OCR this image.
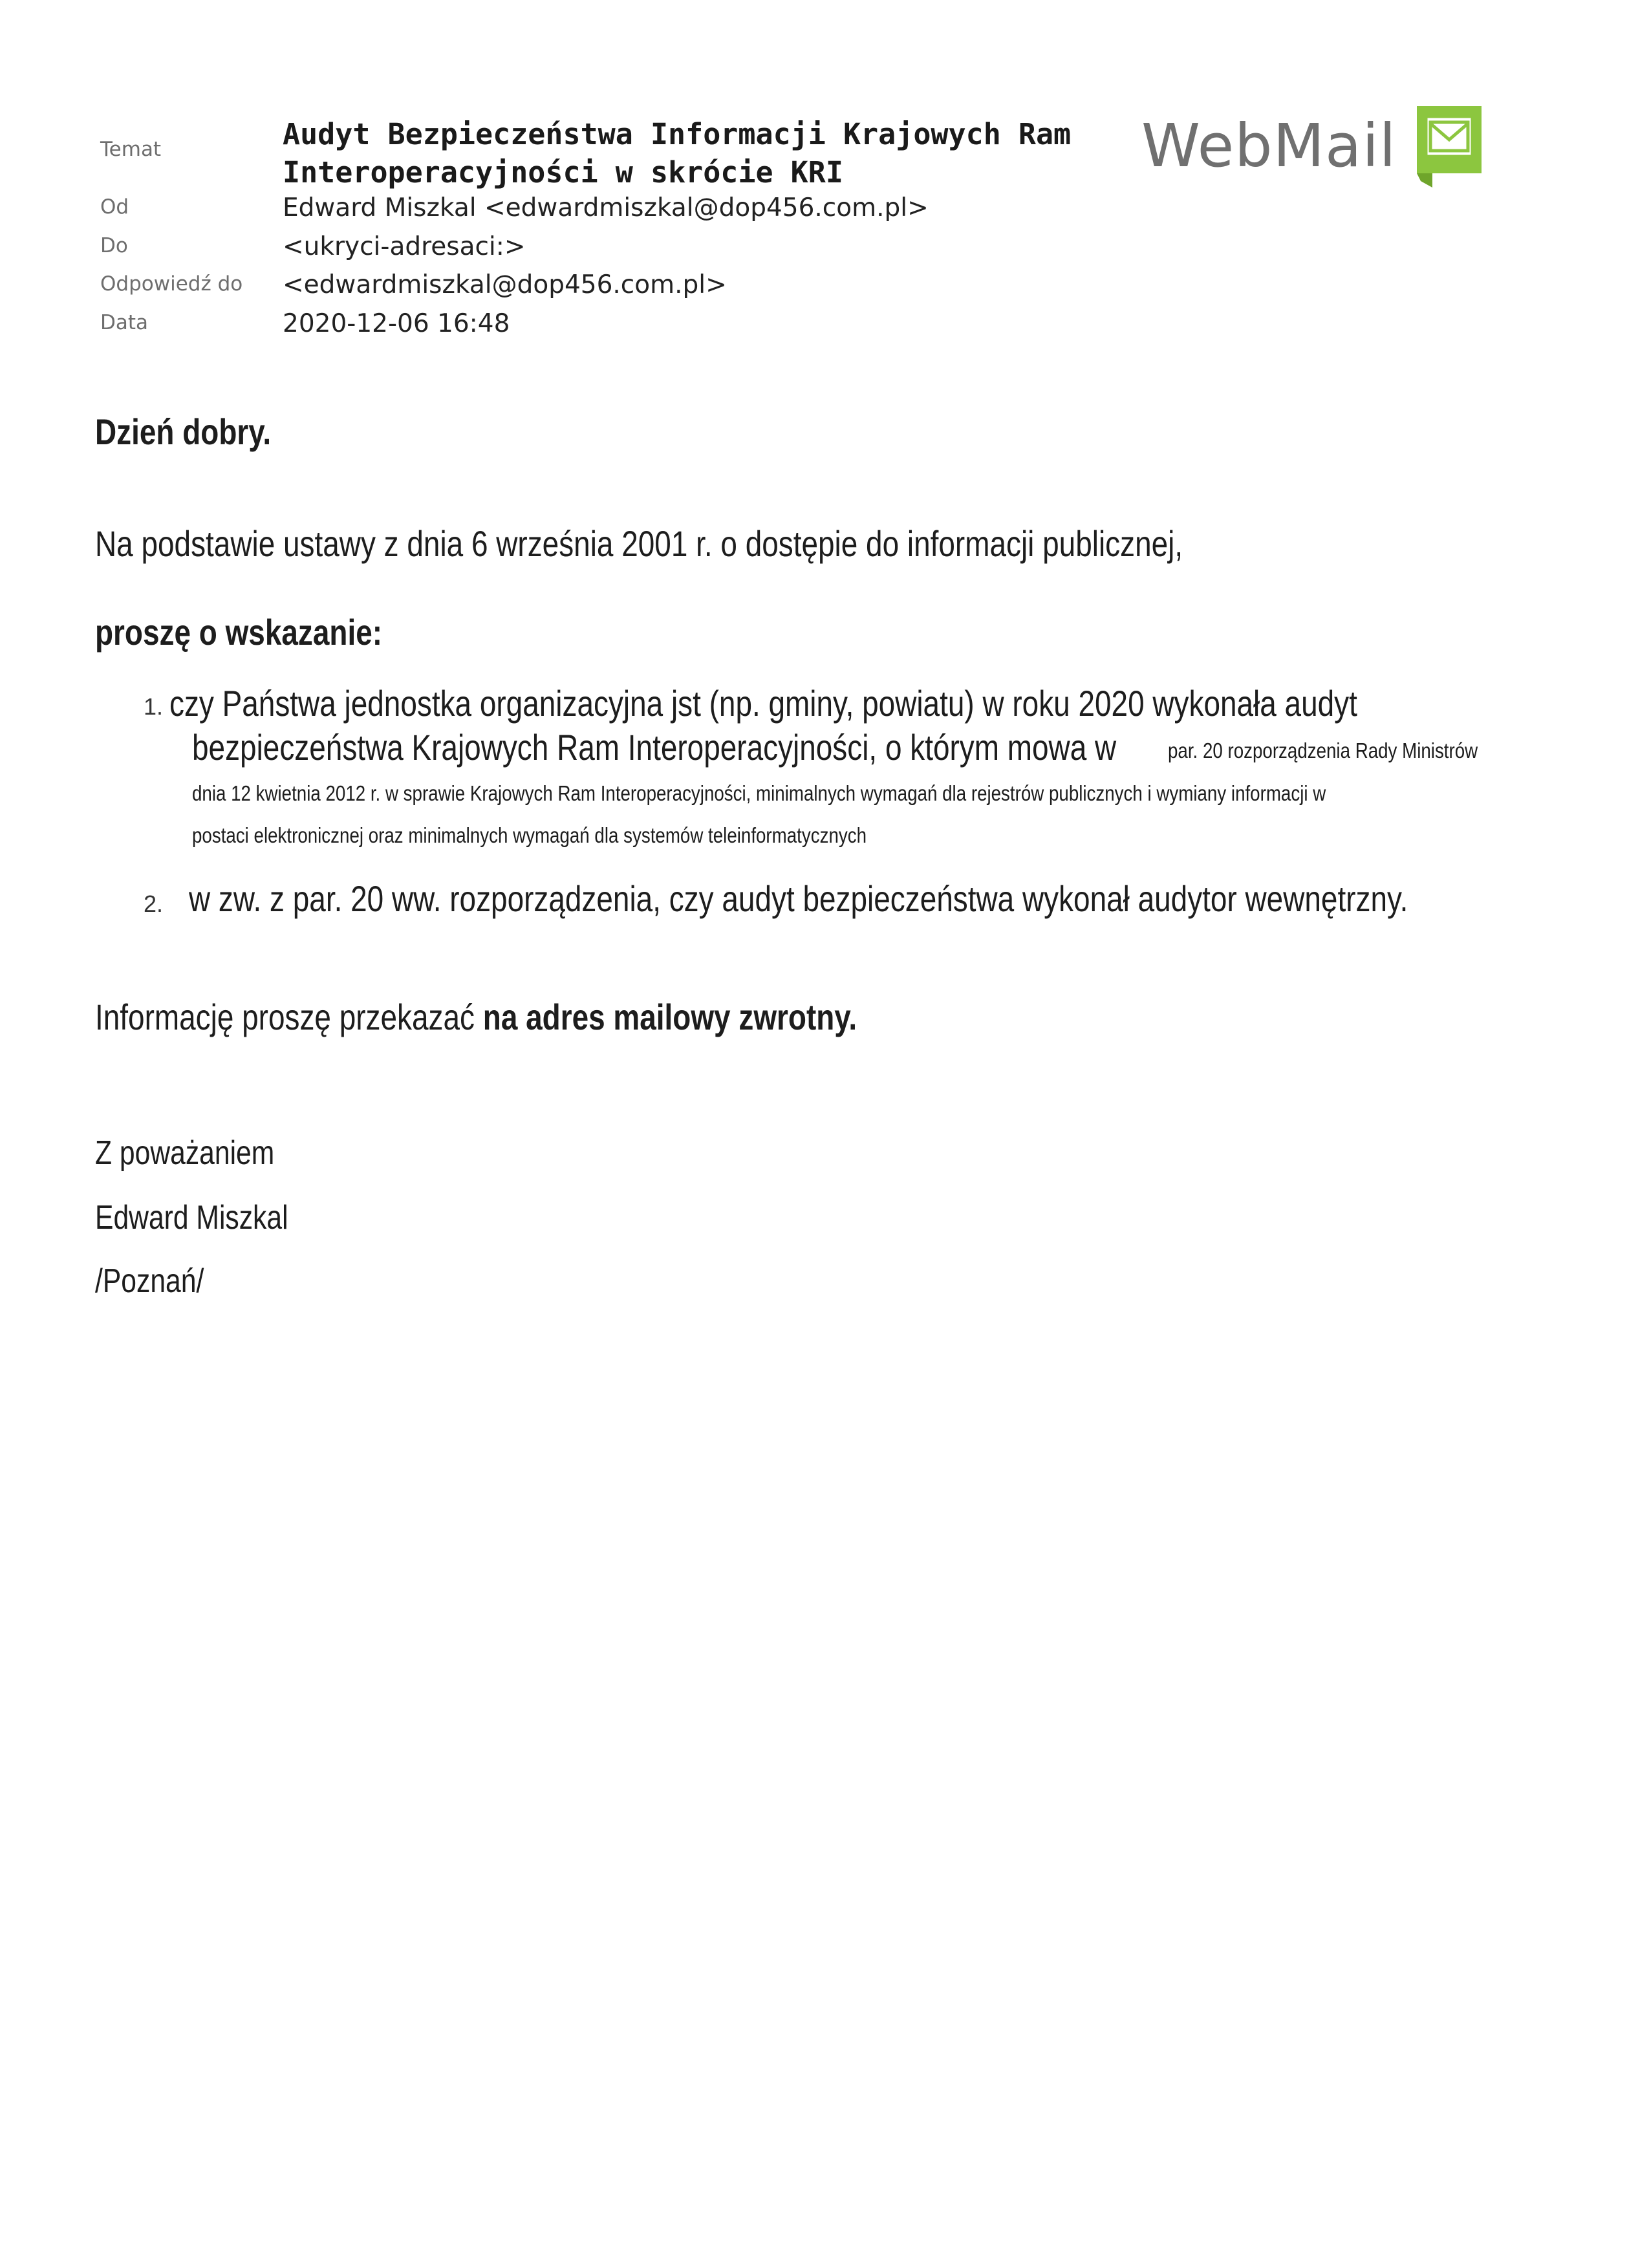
Temat	Audyt Bezpieczeństwa Informacji Krajowych Ram
Interoperacyjności w skrócie KRI
Od	Edward Miszkal <edwardmiszkal@dop456.com.pl>
Do	<ukryci-adresaci:>
Odpowiedź do <edwardmiszkal@dop456.com.pl>
Data	2020-12-06 16:48
WebMail
Dzień dobry.
Na podstawie ustawy z dnia 6 września 2001 r. o dostępie do informacji publicznej,
proszę o wskazanie:
1. czy Państwa jednostka organizacyjna jst (np. gminy, powiatu) w roku 2020 wykonała audyt
bezpieczeństwa Krajowych Ram Interoperacyjności, o którym mowa w par. 20 rozporządzenia Rady Ministrów
dnia 12 kwietnia 2012 r. w sprawie Krajowych Ram Interoperacyjności, minimalnych wymagań dla rejestrów publicznych i wymiany informacji w
postaci elektronicznej oraz minimalnych wymagań dla systemów teleinformatycznych
2. w zw. z par. 20 ww. rozporządzenia, czy audyt bezpieczeństwa wykonał audytor wewnętrzny.
Informację proszę przekazać na adres mailowy zwrotny.
Z poważaniem
Edward Miszkal
/Poznań/
